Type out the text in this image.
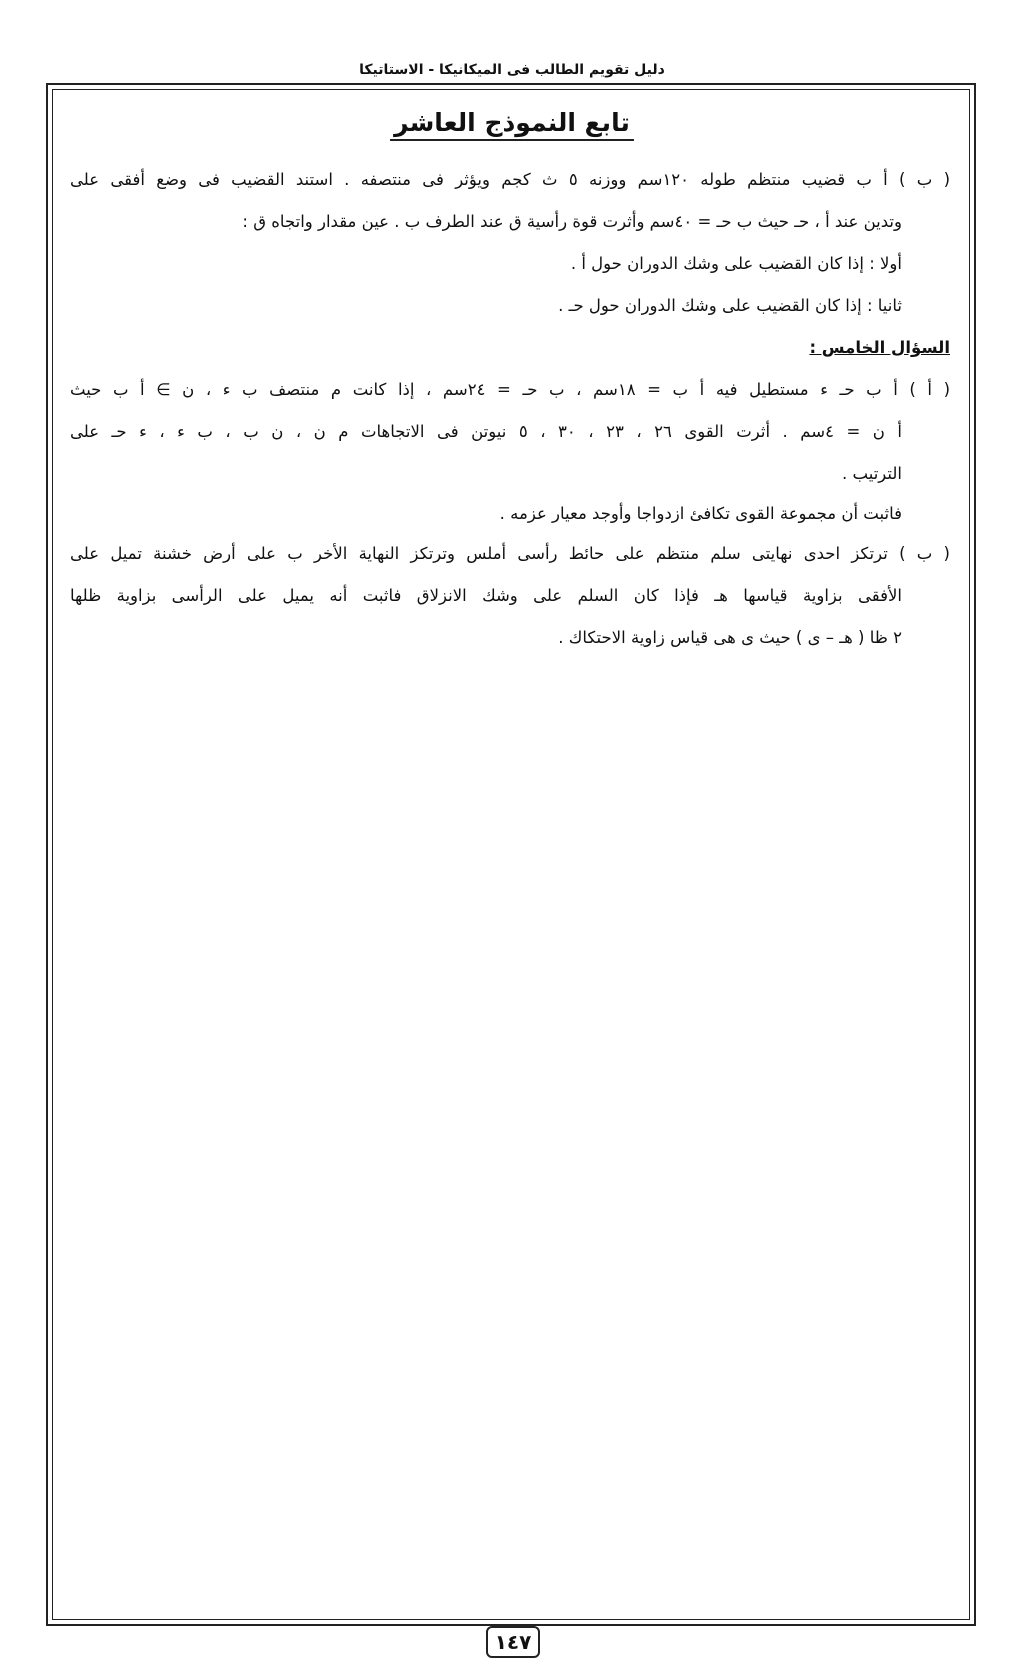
دليل تقويم الطالب فى الميكانيكا - الاستاتيكا
تابع النموذج العاشر
( ب ) أ ب قضيب منتظم طوله ١٢٠سم ووزنه ٥ ث كجم ويؤثر فى منتصفه . استند القضيب فى وضع أفقى على
وتدين عند أ ، حـ حيث ب حـ = ٤٠سم وأثرت قوة رأسية ق عند الطرف ب . عين مقدار واتجاه ق :
أولا : إذا كان القضيب على وشك الدوران حول أ .
ثانيا : إذا كان القضيب على وشك الدوران حول حـ .
السؤال الخامس :
( أ ) أ ب حـ ء مستطيل فيه أ ب = ١٨سم ، ب حـ = ٢٤سم ، إذا كانت م منتصف ب ء ، ن ∋ أ ب حيث
أ ن = ٤سم . أثرت القوى ٢٦ ، ٢٣ ، ٣٠ ، ٥ نيوتن فى الاتجاهات م ن ، ن ب ، ب ء ، ء حـ على
الترتيب .
فاثبت أن مجموعة القوى تكافئ ازدواجا وأوجد معيار عزمه .
( ب ) ترتكز احدى نهايتى سلم منتظم على حائط رأسى أملس وترتكز النهاية الأخر ب على أرض خشنة تميل على
الأفقى بزاوية قياسها هـ فإذا كان السلم على وشك الانزلاق فاثبت أنه يميل على الرأسى بزاوية ظلها
٢ ظا ( هـ – ى ) حيث ى هى قياس زاوية الاحتكاك .
١٤٧
